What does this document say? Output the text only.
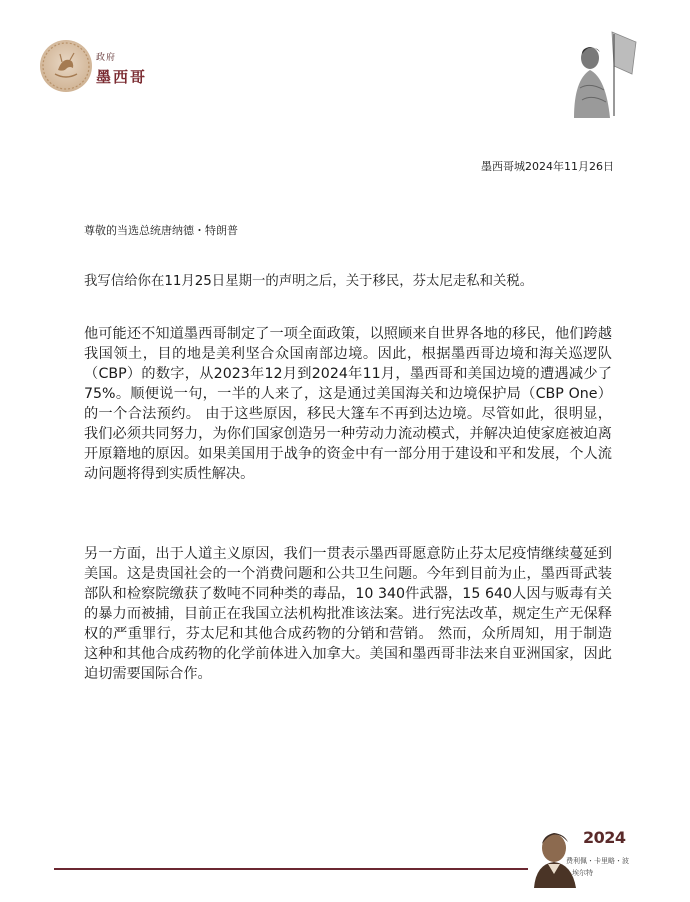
政府
墨西哥
墨西哥城2024年11月26日
尊敬的当选总统唐纳德・特朗普
我写信给你在11月25日星期一的声明之后，关于移民，芬太尼走私和关税。
他可能还不知道墨西哥制定了一项全面政策，以照顾来自世界各地的移民，他们跨越我国领土，目的地是美利坚合众国南部边境。因此，根据墨西哥边境和海关巡逻队（CBP）的数字，从2023年12月到2024年11月，墨西哥和美国边境的遭遇减少了75%。顺便说一句，一半的人来了，这是通过美国海关和边境保护局（CBP One）的一个合法预约。 由于这些原因，移民大篷车不再到达边境。尽管如此，很明显，我们必须共同努力，为你们国家创造另一种劳动力流动模式，并解决迫使家庭被迫离开原籍地的原因。如果美国用于战争的资金中有一部分用于建设和平和发展，个人流动问题将得到实质性解决。
另一方面，出于人道主义原因，我们一贯表示墨西哥愿意防止芬太尼疫情继续蔓延到美国。这是贵国社会的一个消费问题和公共卫生问题。今年到目前为止，墨西哥武装部队和检察院缴获了数吨不同种类的毒品，10 340件武器，15 640人因与贩毒有关的暴力而被捕，目前正在我国立法机构批准该法案。进行宪法改革，规定生产无保释权的严重罪行，芬太尼和其他合成药物的分销和营销。 然而，众所周知，用于制造这种和其他合成药物的化学前体进入加拿大。美国和墨西哥非法来自亚洲国家，因此迫切需要国际合作。
2024
费利佩・卡里略・波
埃尔特
